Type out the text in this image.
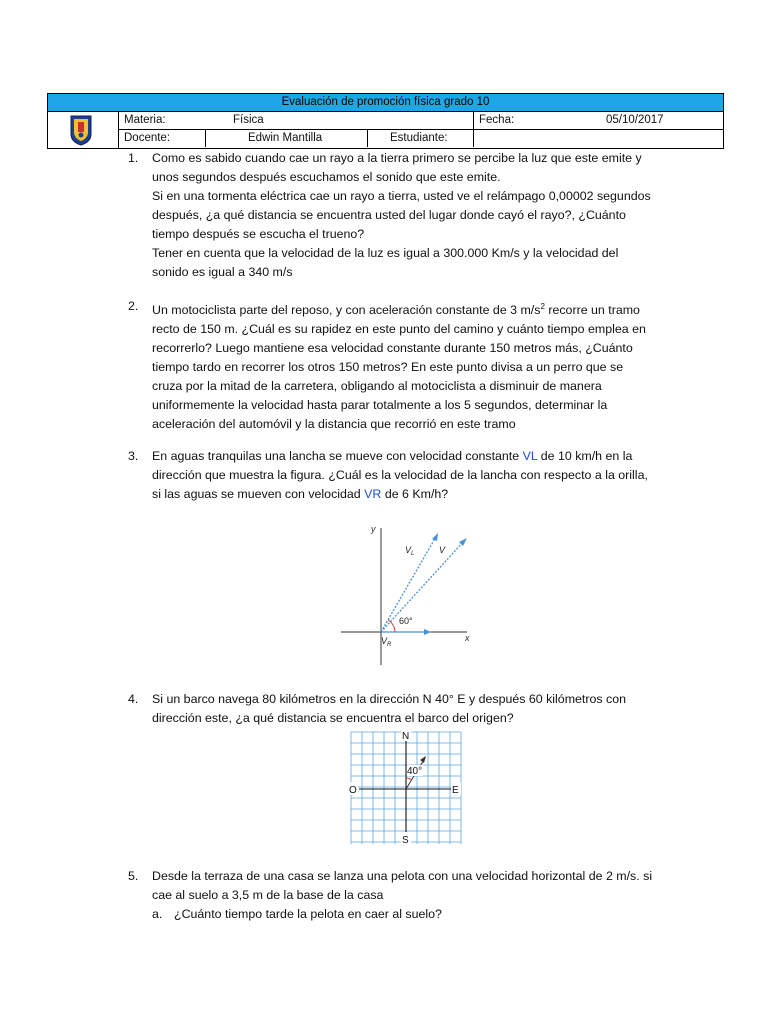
Evaluación de promoción física grado 10
Materia:	Física	Fecha:	05/10/2017
Docente:	Edwin Mantilla	Estudiante:
1. Como es sabido cuando cae un rayo a la tierra primero se percibe la luz que este emite y

unos segundos después escuchamos el sonido que este emite.

Si en una tormenta eléctrica cae un rayo a tierra, usted ve el relámpago 0,00002 segundos

después, ¿a qué distancia se encuentra usted del lugar donde cayó el rayo?, ¿Cuánto

tiempo después se escucha el trueno?

Tener en cuenta que la velocidad de la luz es igual a 300.000 Km/s y la velocidad del

sonido es igual a 340 m/s

2. Un motociclista parte del reposo, y con aceleración constante de 3 $m/s^2$ recorre un tramo

recto de 150 m. ¿Cuál es su rapidez en este punto del camino y cuánto tiempo emplea en

recorrerlo? Luego mantiene esa velocidad constante durante 150 metros más, ¿Cuánto

tiempo tardo en recorrer los otros 150 metros? En este punto divisa a un perro que se

cruza por la mitad de la carretera, obligando al motociclista a disminuir de manera

uniformemente la velocidad hasta parar totalmente a los 5 segundos, determinar la

aceleración del automóvil y la distancia que recorrió en este tramo

3. En aguas tranquilas una lancha se mueve con velocidad constante VL de 10 km/h en la

dirección que muestra la figura. ¿Cuál es la velocidad de la lancha con respecto a la orilla,

si las aguas se mueven con velocidad VR de 6 Km/h?

y
x
60°
$V_L$	V
$V_R$
4. Si un barco navega 80 kilómetros en la dirección N 40° E y después 60 kilómetros con

dirección este, ¿a qué distancia se encuentra el barco del origen?

40°
N
S
E
O
5. Desde la terraza de una casa se lanza una pelota con una velocidad horizontal de 2 m/s. si

cae al suelo a 3,5 m de la base de la casa

a. ¿Cuánto tiempo tarde la pelota en caer al suelo?
